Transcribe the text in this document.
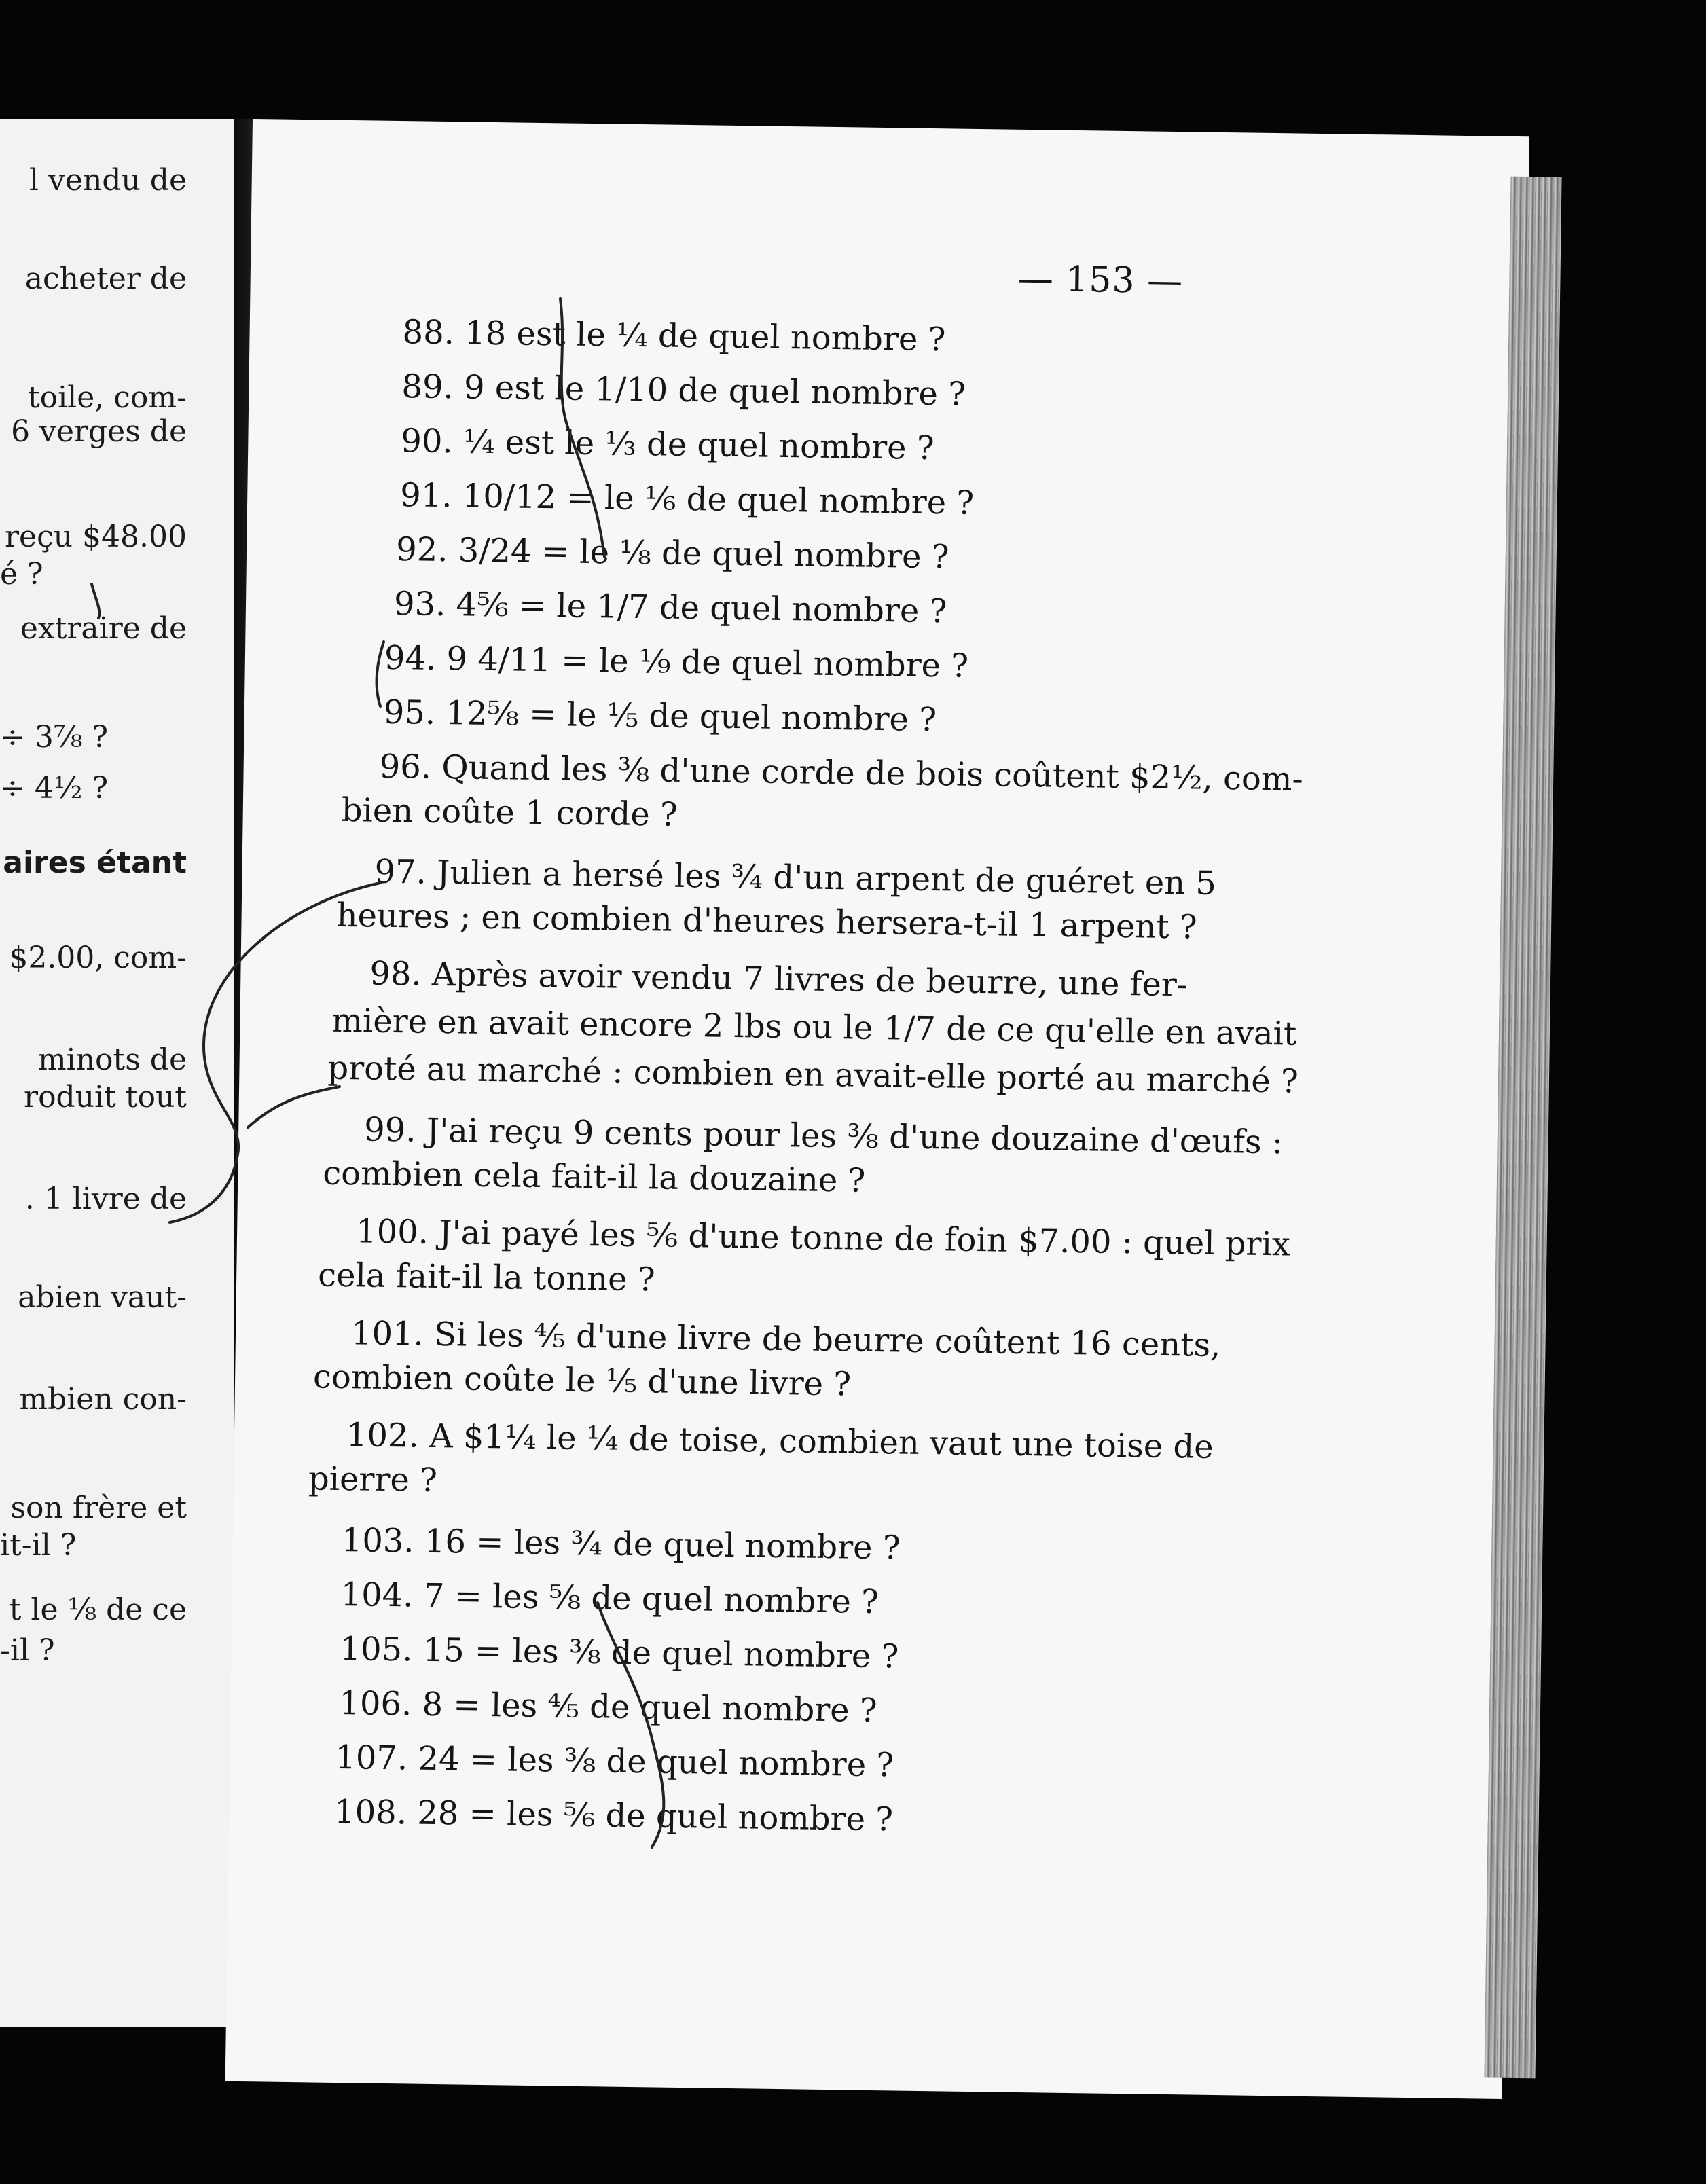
l vendu de
acheter de
toile, com-
6 verges de
reçu $48.00
é ?
extraire de
÷ 3⅞ ?
÷ 4½ ?
aires étant
$2.00, com-
minots de
roduit tout
. 1 livre de
abien vaut-
mbien con-
son frère et
it-il ?
t le ⅛ de ce
-il ?
— 153 —
88. 18 est le ¼ de quel nombre ?
89. 9 est le 1/10 de quel nombre ?
90. ¼ est le ⅓ de quel nombre ?
91. 10/12 = le ⅙ de quel nombre ?
92. 3/24 = le ⅛ de quel nombre ?
93. 4⅚ = le 1/7 de quel nombre ?
94. 9 4/11 = le ⅑ de quel nombre ?
95. 12⅝ = le ⅕ de quel nombre ?
96. Quand les ⅜ d'une corde de bois coûtent $2½, com-
bien coûte 1 corde ?
97. Julien a hersé les ¾ d'un arpent de guéret en 5
heures ; en combien d'heures hersera-t-il 1 arpent ?
98. Après avoir vendu 7 livres de beurre, une fer-
mière en avait encore 2 lbs ou le 1/7 de ce qu'elle en avait
proté au marché : combien en avait-elle porté au marché ?
99. J'ai reçu 9 cents pour les ⅜ d'une douzaine d'œufs :
combien cela fait-il la douzaine ?
100. J'ai payé les ⅚ d'une tonne de foin $7.00 : quel prix
cela fait-il la tonne ?
101. Si les ⅘ d'une livre de beurre coûtent 16 cents,
combien coûte le ⅕ d'une livre ?
102. A $1¼ le ¼ de toise, combien vaut une toise de
pierre ?
103. 16 = les ¾ de quel nombre ?
104. 7 = les ⅝ de quel nombre ?
105. 15 = les ⅜ de quel nombre ?
106. 8 = les ⅘ de quel nombre ?
107. 24 = les ⅜ de quel nombre ?
108. 28 = les ⅚ de quel nombre ?
